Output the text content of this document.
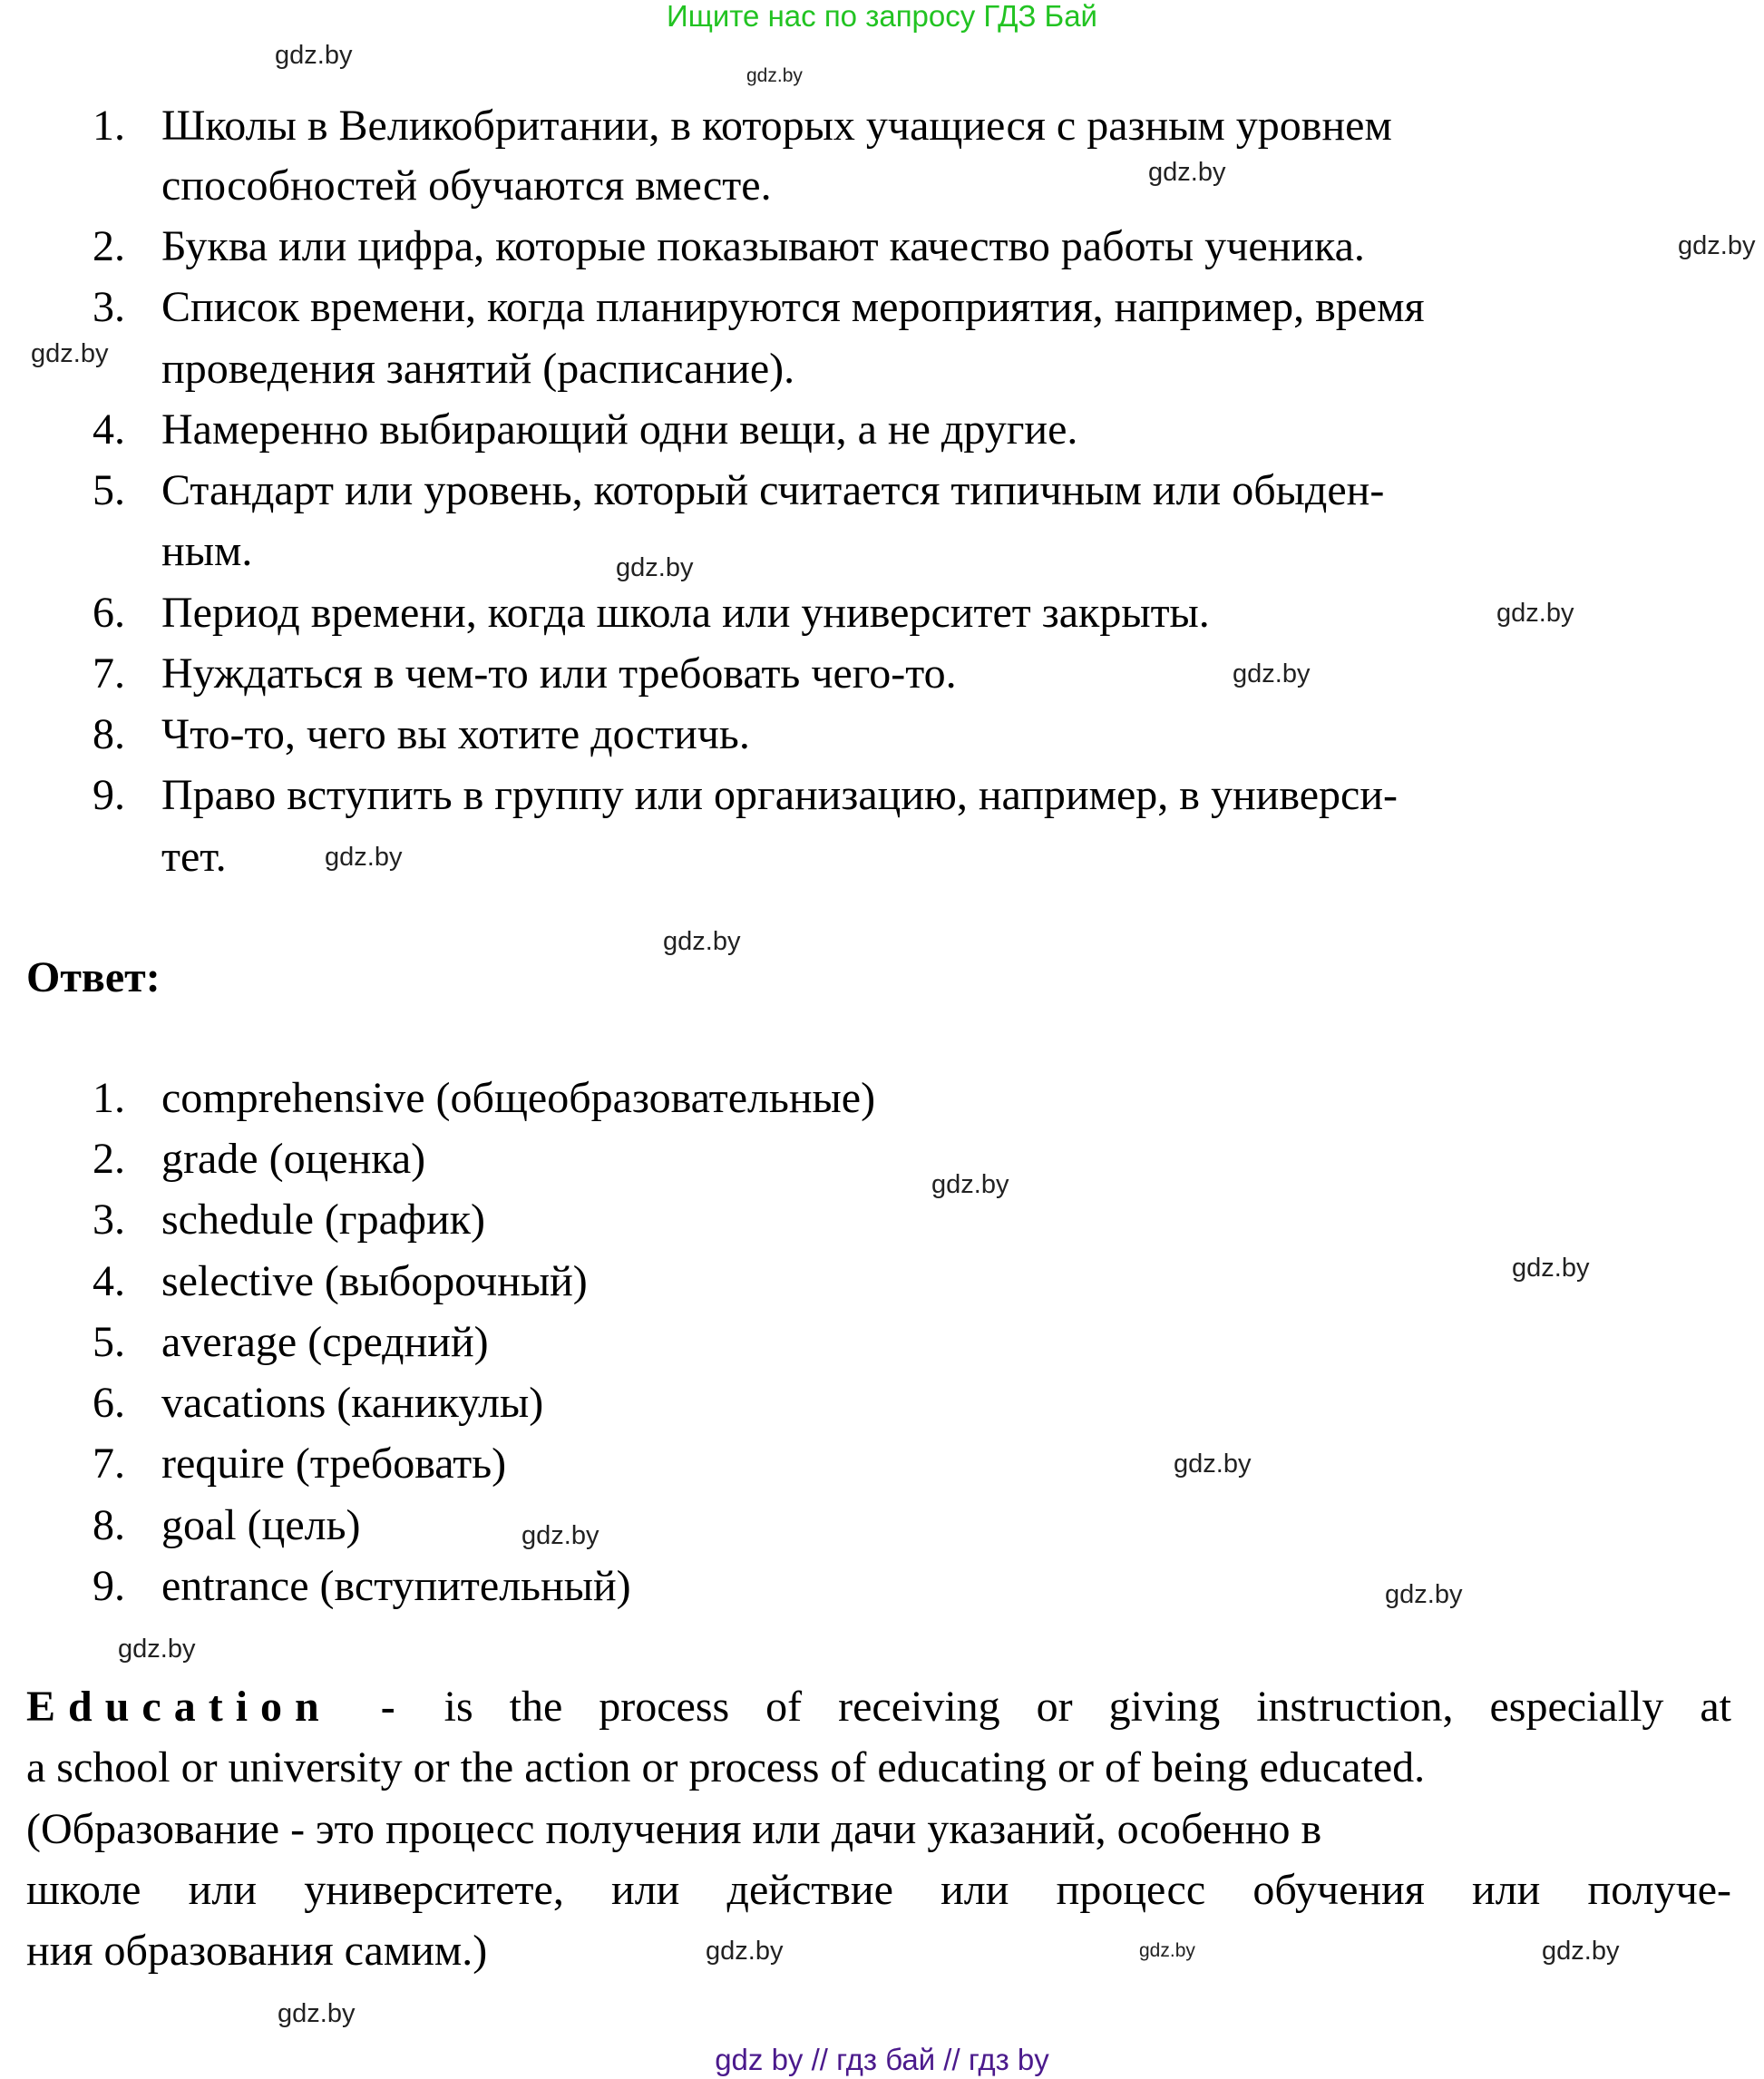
Ищите нас по запросу ГДЗ Бай
1. Школы в Великобритании, в которых учащиеся с разным уровнем
способностей обучаются вместе.
2. Буква или цифра, которые показывают качество работы ученика.
3. Список времени, когда планируются мероприятия, например, время
проведения занятий (расписание).
4. Намеренно выбирающий одни вещи, а не другие.
5. Стандарт или уровень, который считается типичным или обыден-
ным.
6. Период времени, когда школа или университет закрыты.
7. Нуждаться в чем-то или требовать чего-то.
8. Что-то, чего вы хотите достичь.
9. Право вступить в группу или организацию, например, в универси-
тет.
Ответ:
1. comprehensive (общеобразовательные)
2. grade (оценка)
3. schedule (график)
4. selective (выборочный)
5. average (средний)
6. vacations (каникулы)
7. require (требовать)
8. goal (цель)
9. entrance (вступительный)
Education - is the process of receiving or giving instruction, especially at
a school or university or the action or process of educating or of being educated.
(Образование - это процесс получения или дачи указаний, особенно в
школе или университете, или действие или процесс обучения или получе-
ния образования самим.)
gdz.by
gdz.by
gdz.by
gdz.by
gdz.by
gdz.by
gdz.by
gdz.by
gdz.by
gdz.by
gdz.by
gdz.by
gdz.by
gdz.by
gdz.by
gdz.by
gdz.by	gdz.by
gdz.by
gdz.by
gdz by // гдз бай // гдз by
